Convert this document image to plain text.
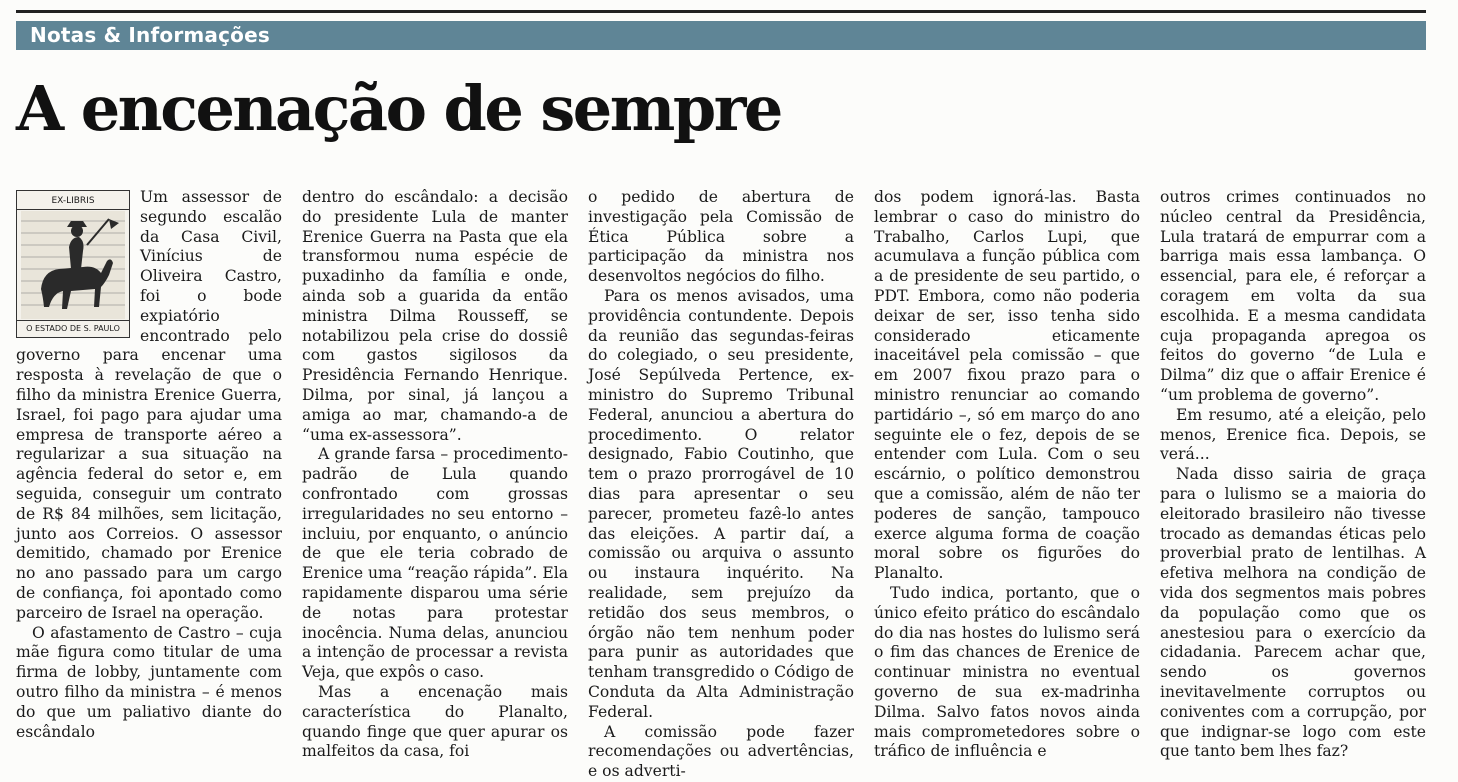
Notas & Informações
A encenação de sempre
EX-LIBRIS
O ESTADO DE S. PAULO

Um assessor de segundo escalão da Casa Civil, Vinícius de Oliveira Castro, foi o bode expiatório encontrado pelo governo para encenar uma resposta à revelação de que o filho da ministra Erenice Guerra, Israel, foi pago para ajudar uma empresa de transporte aéreo a regularizar a sua situação na agência federal do setor e, em seguida, conseguir um contrato de R$ 84 milhões, sem licitação, junto aos Correios. O assessor demitido, chamado por Erenice no ano passado para um cargo de confiança, foi apontado como parceiro de Israel na operação.

O afastamento de Castro – cuja mãe figura como titular de uma firma de lobby, juntamente com outro filho da ministra – é menos do que um paliativo diante do escândalo

dentro do escândalo: a decisão do presidente Lula de manter Erenice Guerra na Pasta que ela transformou numa espécie de puxadinho da família e onde, ainda sob a guarida da então ministra Dilma Rousseff, se notabilizou pela crise do dossiê com gastos sigilosos da Presidência Fernando Henrique. Dilma, por sinal, já lançou a amiga ao mar, chamando-a de “uma ex-assessora”.

A grande farsa – procedimento-padrão de Lula quando confrontado com grossas irregularidades no seu entorno – incluiu, por enquanto, o anúncio de que ele teria cobrado de Erenice uma “reação rápida”. Ela rapidamente disparou uma série de notas para protestar inocência. Numa delas, anunciou a intenção de processar a revista Veja, que expôs o caso.

Mas a encenação mais característica do Planalto, quando finge que quer apurar os malfeitos da casa, foi

o pedido de abertura de investigação pela Comissão de Ética Pública sobre a participação da ministra nos desenvoltos negócios do filho.

Para os menos avisados, uma providência contundente. Depois da reunião das segundas-feiras do colegiado, o seu presidente, José Sepúlveda Pertence, ex-ministro do Supremo Tribunal Federal, anunciou a abertura do procedimento. O relator designado, Fabio Coutinho, que tem o prazo prorrogável de 10 dias para apresentar o seu parecer, prometeu fazê-lo antes das eleições. A partir daí, a comissão ou arquiva o assunto ou instaura inquérito. Na realidade, sem prejuízo da retidão dos seus membros, o órgão não tem nenhum poder para punir as autoridades que tenham transgredido o Código de Conduta da Alta Administração Federal.

A comissão pode fazer recomendações ou advertências, e os adverti-

dos podem ignorá-las. Basta lembrar o caso do ministro do Trabalho, Carlos Lupi, que acumulava a função pública com a de presidente de seu partido, o PDT. Embora, como não poderia deixar de ser, isso tenha sido considerado eticamente inaceitável pela comissão – que em 2007 fixou prazo para o ministro renunciar ao comando partidário –, só em março do ano seguinte ele o fez, depois de se entender com Lula. Com o seu escárnio, o político demonstrou que a comissão, além de não ter poderes de sanção, tampouco exerce alguma forma de coação moral sobre os figurões do Planalto.

Tudo indica, portanto, que o único efeito prático do escândalo do dia nas hostes do lulismo será o fim das chances de Erenice de continuar ministra no eventual governo de sua ex-madrinha Dilma. Salvo fatos novos ainda mais comprometedores sobre o tráfico de influência e

outros crimes continuados no núcleo central da Presidência, Lula tratará de empurrar com a barriga mais essa lambança. O essencial, para ele, é reforçar a coragem em volta da sua escolhida. E a mesma candidata cuja propaganda apregoa os feitos do governo “de Lula e Dilma” diz que o affair Erenice é “um problema de governo”.

Em resumo, até a eleição, pelo menos, Erenice fica. Depois, se verá...

Nada disso sairia de graça para o lulismo se a maioria do eleitorado brasileiro não tivesse trocado as demandas éticas pelo proverbial prato de lentilhas. A efetiva melhora na condição de vida dos segmentos mais pobres da população como que os anestesiou para o exercício da cidadania. Parecem achar que, sendo os governos inevitavelmente corruptos ou coniventes com a corrupção, por que indignar-se logo com este que tanto bem lhes faz?
